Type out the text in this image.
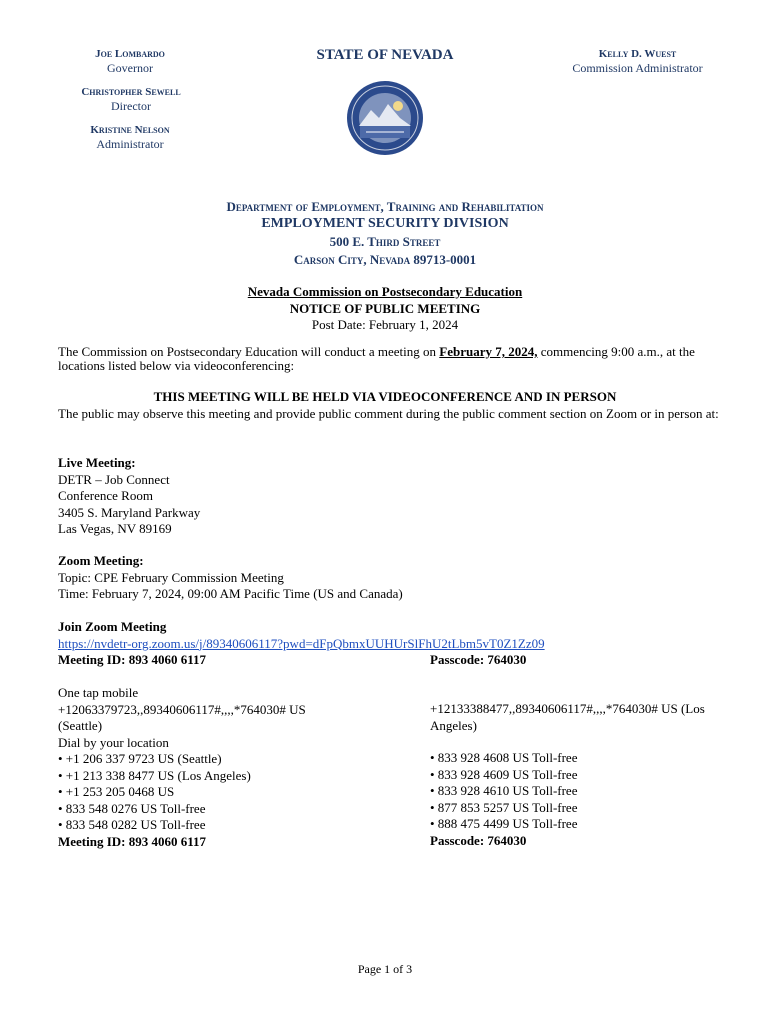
Joe Lombardo
Governor
Christopher Sewell
Director
Kristine Nelson
Administrator
STATE OF NEVADA	Kelly D. Wuest
Commission Administrator
Department of Employment, Training and Rehabilitation
EMPLOYMENT SECURITY DIVISION
500 E. Third Street
Carson City, Nevada 89713-0001
Nevada Commission on Postsecondary Education
NOTICE OF PUBLIC MEETING
Post Date: February 1, 2024
The Commission on Postsecondary Education will conduct a meeting on February 7, 2024, commencing 9:00 a.m., at the locations listed below via videoconferencing:
THIS MEETING WILL BE HELD VIA VIDEOCONFERENCE AND IN PERSON
The public may observe this meeting and provide public comment during the public comment section on Zoom or in person at:
Live Meeting:
DETR – Job Connect
Conference Room
3405 S. Maryland Parkway
Las Vegas, NV 89169
Zoom Meeting:
Topic: CPE February Commission Meeting
Time: February 7, 2024, 09:00 AM Pacific Time (US and Canada)
Join Zoom Meeting
https://nvdetr-org.zoom.us/j/89340606117?pwd=dFpQbmxUUHUrSlFhU2tLbm5vT0Z1Zz09
Meeting ID: 893 4060 6117	Passcode: 764030
One tap mobile
+12063379723,,89340606117#,,,,*764030# US (Seattle)
Dial by your location
• +1 206 337 9723 US (Seattle)
• +1 213 338 8477 US (Los Angeles)
• +1 253 205 0468 US
• 833 548 0276 US Toll-free
• 833 548 0282 US Toll-free
Meeting ID: 893 4060 6117
+12133388477,,89340606117#,,,,*764030# US (Los Angeles)
• 833 928 4608 US Toll-free
• 833 928 4609 US Toll-free
• 833 928 4610 US Toll-free
• 877 853 5257 US Toll-free
• 888 475 4499 US Toll-free
Passcode: 764030
Page 1 of 3
